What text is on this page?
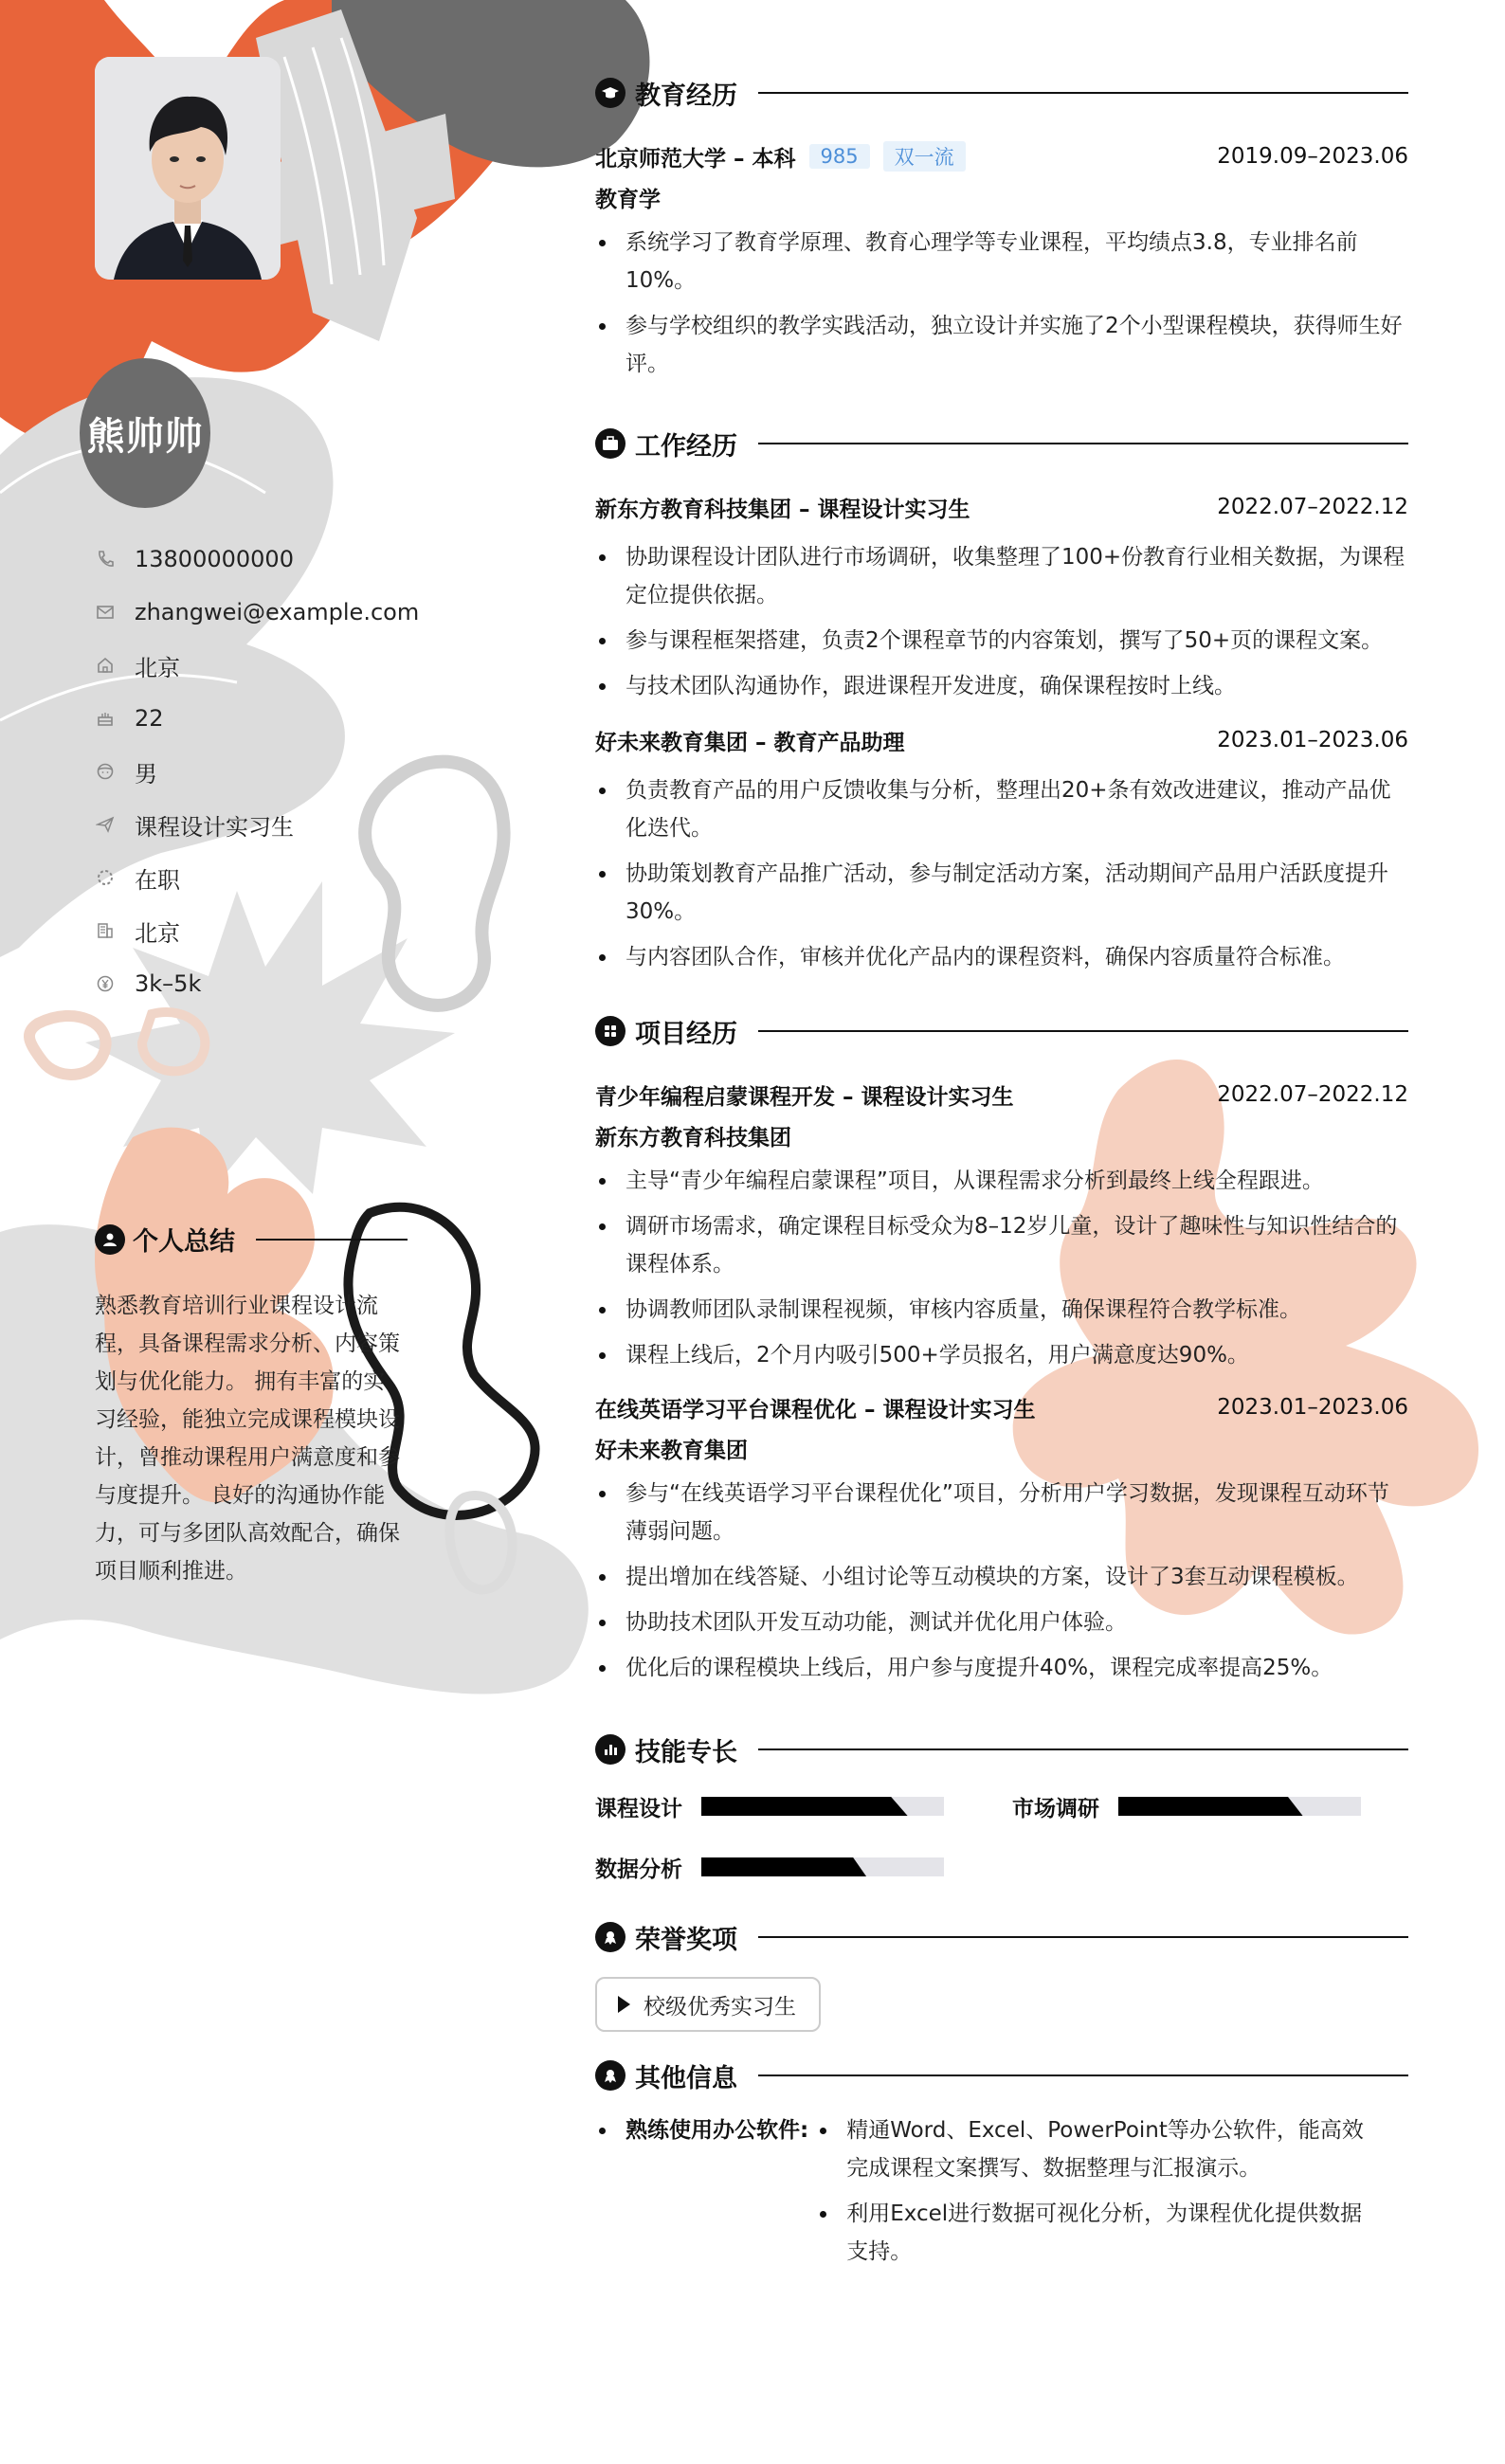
熊帅帅
13800000000
zhangwei@example.com
北京
22
男
课程设计实习生
在职
北京
3k–5k
个人总结
熟悉教育培训行业课程设计流程，具备课程需求分析、内容策划与优化能力。 拥有丰富的实习经验，能独立完成课程模块设计，曾推动课程用户满意度和参与度提升。 良好的沟通协作能力，可与多团队高效配合，确保项目顺利推进。
教育经历
北京师范大学 – 本科	985	双一流	2019.09–2023.06
教育学
系统学习了教育学原理、教育心理学等专业课程，平均绩点3.8，专业排名前10%。
参与学校组织的教学实践活动，独立设计并实施了2个小型课程模块，获得师生好评。
工作经历
新东方教育科技集团 – 课程设计实习生	2022.07–2022.12
协助课程设计团队进行市场调研，收集整理了100+份教育行业相关数据，为课程定位提供依据。
参与课程框架搭建，负责2个课程章节的内容策划，撰写了50+页的课程文案。
与技术团队沟通协作，跟进课程开发进度，确保课程按时上线。
好未来教育集团 – 教育产品助理	2023.01–2023.06
负责教育产品的用户反馈收集与分析，整理出20+条有效改进建议，推动产品优化迭代。
协助策划教育产品推广活动，参与制定活动方案，活动期间产品用户活跃度提升30%。
与内容团队合作，审核并优化产品内的课程资料，确保内容质量符合标准。
项目经历
青少年编程启蒙课程开发 – 课程设计实习生	2022.07–2022.12
新东方教育科技集团
主导“青少年编程启蒙课程”项目，从课程需求分析到最终上线全程跟进。
调研市场需求，确定课程目标受众为8–12岁儿童，设计了趣味性与知识性结合的课程体系。
协调教师团队录制课程视频，审核内容质量，确保课程符合教学标准。
课程上线后，2个月内吸引500+学员报名，用户满意度达90%。
在线英语学习平台课程优化 – 课程设计实习生	2023.01–2023.06
好未来教育集团
参与“在线英语学习平台课程优化”项目，分析用户学习数据，发现课程互动环节薄弱问题。
提出增加在线答疑、小组讨论等互动模块的方案，设计了3套互动课程模板。
协助技术团队开发互动功能，测试并优化用户体验。
优化后的课程模块上线后，用户参与度提升40%，课程完成率提高25%。
技能专长
课程设计	市场调研
数据分析
荣誉奖项
校级优秀实习生
其他信息
熟练使用办公软件:	精通Word、Excel、PowerPoint等办公软件，能高效完成课程文案撰写、数据整理与汇报演示。
利用Excel进行数据可视化分析，为课程优化提供数据支持。
